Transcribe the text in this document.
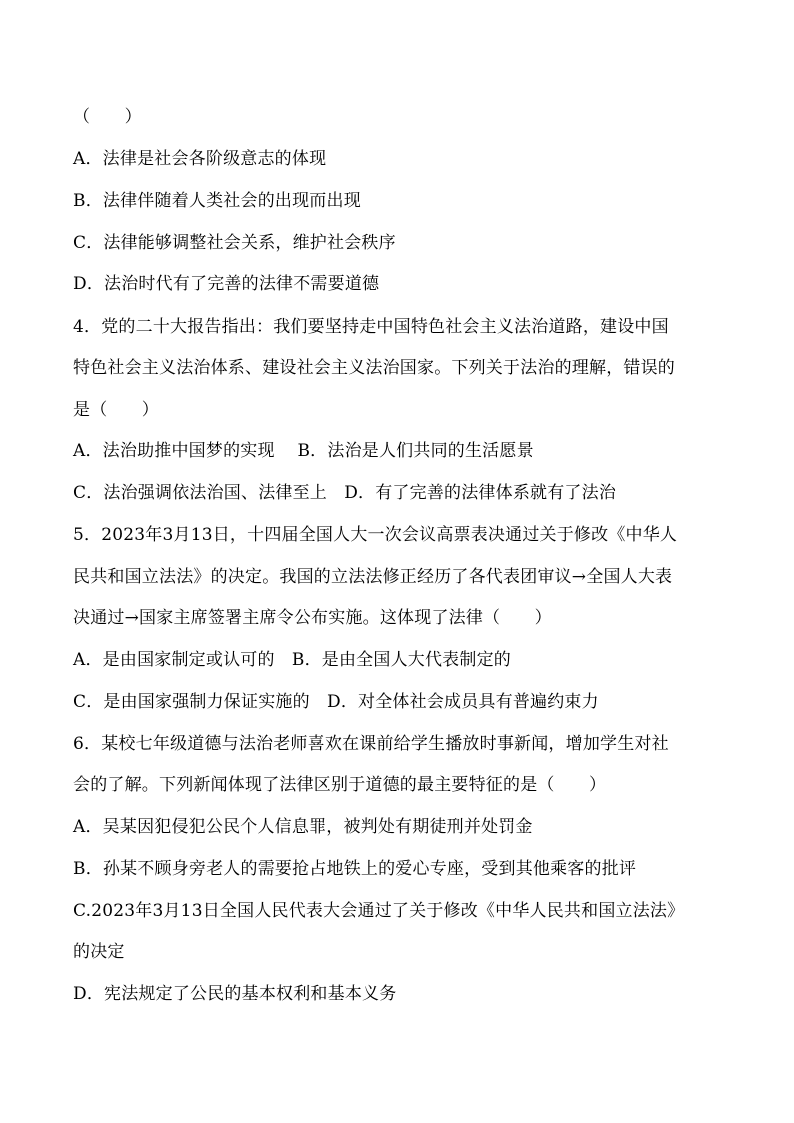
（　　）
A．法律是社会各阶级意志的体现
B．法律伴随着人类社会的出现而出现
C．法律能够调整社会关系，维护社会秩序
D．法治时代有了完善的法律不需要道德
4．党的二十大报告指出：我们要坚持走中国特色社会主义法治道路，建设中国
特色社会主义法治体系、建设社会主义法治国家。下列关于法治的理解，错误的
是（　　）
A．法治助推中国梦的实现　 B．法治是人们共同的生活愿景
C．法治强调依法治国、法律至上　D．有了完善的法律体系就有了法治
5．2023年3月13日，十四届全国人大一次会议高票表决通过关于修改《中华人
民共和国立法法》的决定。我国的立法法修正经历了各代表团审议→全国人大表
决通过→国家主席签署主席令公布实施。这体现了法律（　　）
A．是由国家制定或认可的　B．是由全国人大代表制定的
C．是由国家强制力保证实施的　D．对全体社会成员具有普遍约束力
6．某校七年级道德与法治老师喜欢在课前给学生播放时事新闻，增加学生对社
会的了解。下列新闻体现了法律区别于道德的最主要特征的是（　　）
A．吴某因犯侵犯公民个人信息罪，被判处有期徒刑并处罚金
B．孙某不顾身旁老人的需要抢占地铁上的爱心专座，受到其他乘客的批评
C.2023年3月13日全国人民代表大会通过了关于修改《中华人民共和国立法法》
的决定
D．宪法规定了公民的基本权利和基本义务
